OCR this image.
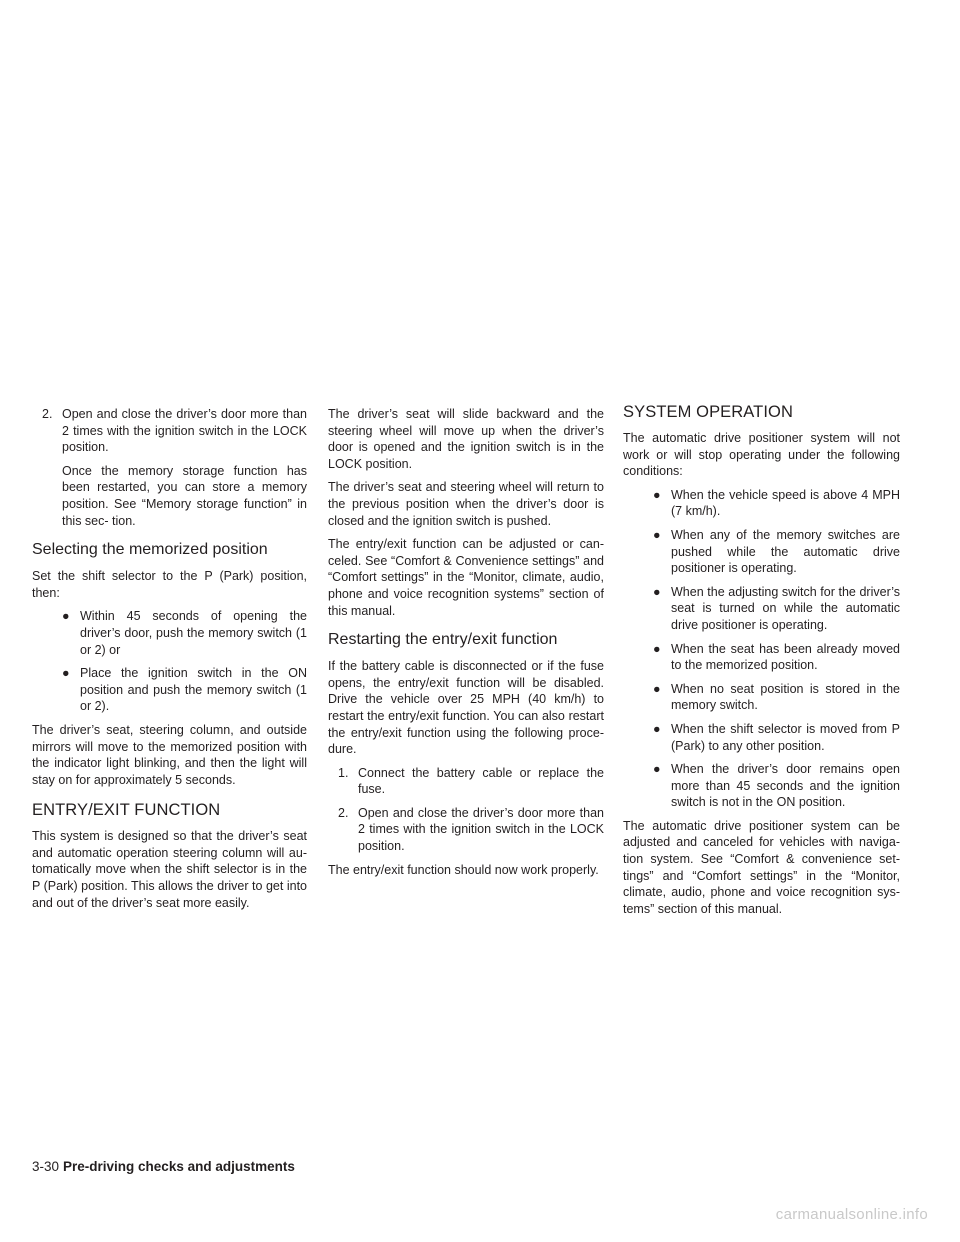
2. Open and close the driver’s door more than 2 times with the ignition switch in the LOCK position.

Once the memory storage function has been restarted, you can store a memory position. See “Memory storage function” in this sec- tion.

Selecting the memorized position

Set the shift selector to the P (Park) position, then:

● Within 45 seconds of opening the driver’s door, push the memory switch (1 or 2) or
● Place the ignition switch in the ON position and push the memory switch (1 or 2).

The driver’s seat, steering column, and outside mirrors will move to the memorized position with the indicator light blinking, and then the light will stay on for approximately 5 seconds.

ENTRY/EXIT FUNCTION

This system is designed so that the driver’s seat and automatic operation steering column will au- tomatically move when the shift selector is in the P (Park) position. This allows the driver to get into and out of the driver’s seat more easily.

The driver’s seat will slide backward and the steering wheel will move up when the driver’s door is opened and the ignition switch is in the LOCK position.

The driver’s seat and steering wheel will return to the previous position when the driver’s door is closed and the ignition switch is pushed.

The entry/exit function can be adjusted or can- celed. See “Comfort & Convenience settings” and “Comfort settings” in the “Monitor, climate, audio, phone and voice recognition systems” section of this manual.

Restarting the entry/exit function

If the battery cable is disconnected or if the fuse opens, the entry/exit function will be disabled. Drive the vehicle over 25 MPH (40 km/h) to restart the entry/exit function. You can also restart the entry/exit function using the following proce- dure.

1. Connect the battery cable or replace the fuse.
2. Open and close the driver’s door more than 2 times with the ignition switch in the LOCK position.

The entry/exit function should now work properly.

SYSTEM OPERATION

The automatic drive positioner system will not work or will stop operating under the following conditions:

● When the vehicle speed is above 4 MPH (7 km/h).
● When any of the memory switches are pushed while the automatic drive positioner is operating.
● When the adjusting switch for the driver’s seat is turned on while the automatic drive positioner is operating.
● When the seat has been already moved to the memorized position.
● When no seat position is stored in the memory switch.
● When the shift selector is moved from P (Park) to any other position.
● When the driver’s door remains open more than 45 seconds and the ignition switch is not in the ON position.

The automatic drive positioner system can be adjusted and canceled for vehicles with naviga- tion system. See “Comfort & convenience set- tings” and “Comfort settings” in the “Monitor, climate, audio, phone and voice recognition sys- tems” section of this manual.

3-30 Pre-driving checks and adjustments
carmanualsonline.info
